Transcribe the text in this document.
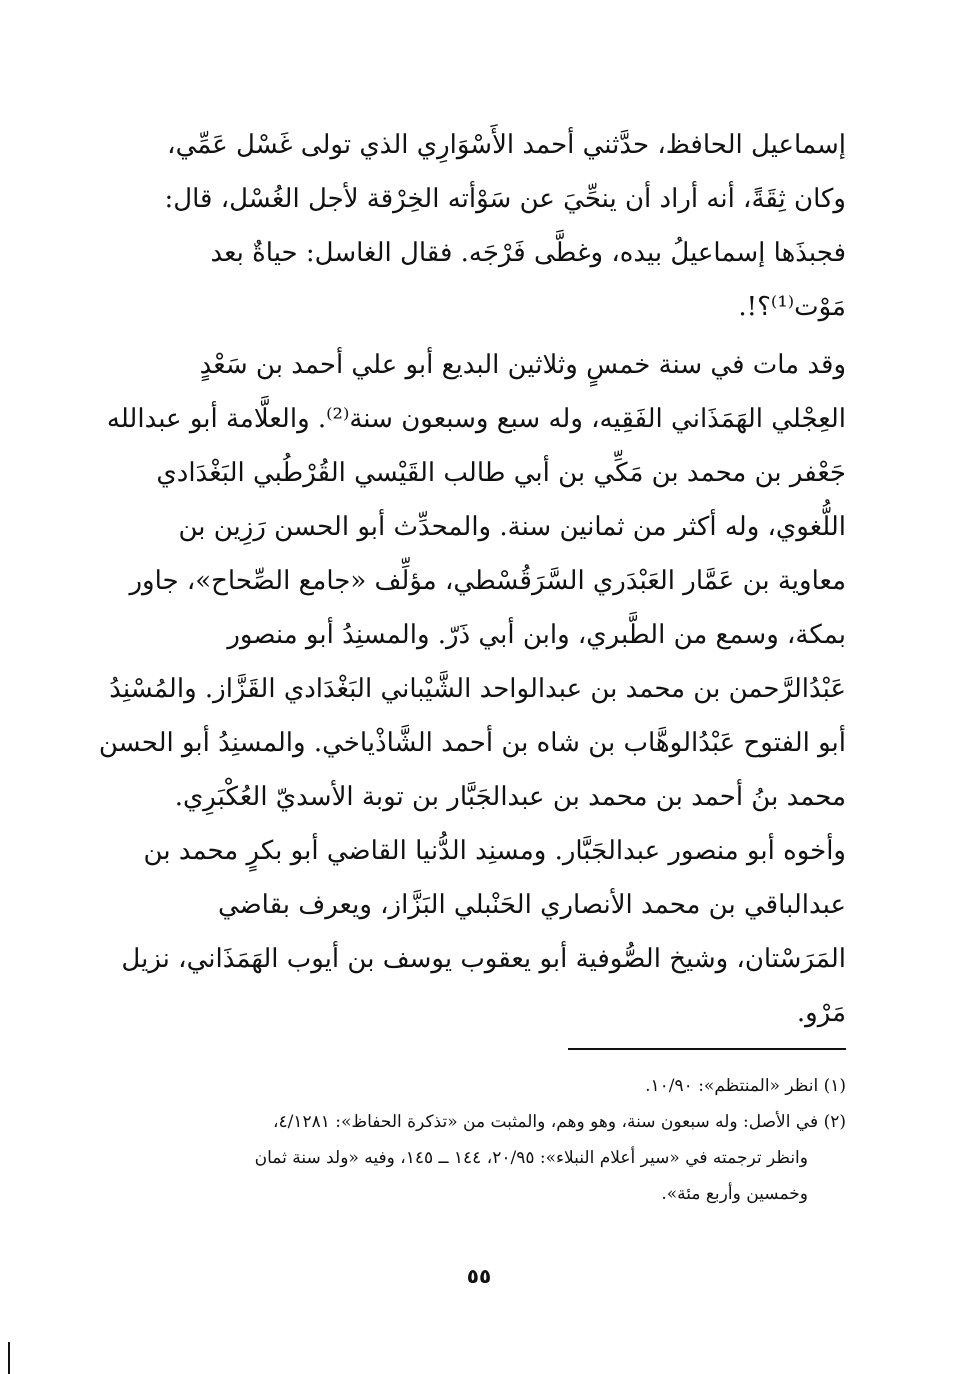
إسماعيل الحافظ، حدَّثني أحمد الأَسْوَارِي الذي تولى غَسْل عَمِّي،
وكان ثِقَةً، أنه أراد أن ينحِّيَ عن سَوْأته الخِرْقة لأجل الغُسْل، قال:
فجبذَها إسماعيلُ بيده، وغطَّى فَرْجَه. فقال الغاسل: حياةٌ بعد
مَوْت⁽¹⁾؟!.
وقد مات في سنة خمسٍ وثلاثين البديع أبو علي أحمد بن سَعْدٍ
العِجْلي الهَمَذَاني الفَقِيه، وله سبع وسبعون سنة⁽²⁾. والعلَّامة أبو عبدالله
جَعْفر بن محمد بن مَكِّي بن أبي طالب القَيْسي القُرْطُبي البَغْدَادي
اللُّغوي، وله أكثر من ثمانين سنة. والمحدِّث أبو الحسن رَزِين بن
معاوية بن عَمَّار العَبْدَري السَّرَقُسْطي، مؤلِّف «جامع الصِّحاح»، جاور
بمكة، وسمع من الطَّبري، وابن أبي ذَرّ. والمسنِدُ أبو منصور
عَبْدُالرَّحمن بن محمد بن عبدالواحد الشَّيْباني البَغْدَادي القَزَّاز. والمُسْنِدُ
أبو الفتوح عَبْدُالوهَّاب بن شاه بن أحمد الشَّاذْياخي. والمسنِدُ أبو الحسن
محمد بنُ أحمد بن محمد بن عبدالجَبَّار بن توبة الأسديّ العُكْبَرِي.
وأخوه أبو منصور عبدالجَبَّار. ومسنِد الدُّنيا القاضي أبو بكرٍ محمد بن
عبدالباقي بن محمد الأنصاري الحَنْبلي البَزَّاز، ويعرف بقاضي
المَرَسْتان، وشيخ الصُّوفية أبو يعقوب يوسف بن أيوب الهَمَذَاني، نزيل
مَرْو.
(١) انظر «المنتظم»: ١٠/٩٠.
(٢) في الأصل: وله سبعون سنة، وهو وهم، والمثبت من «تذكرة الحفاظ»: ٤/١٢٨١،
وانظر ترجمته في «سير أعلام النبلاء»: ٢٠/٩٥، ١٤٤ ــ ١٤٥، وفيه «ولد سنة ثمان
وخمسين وأربع مئة».
٥٥
